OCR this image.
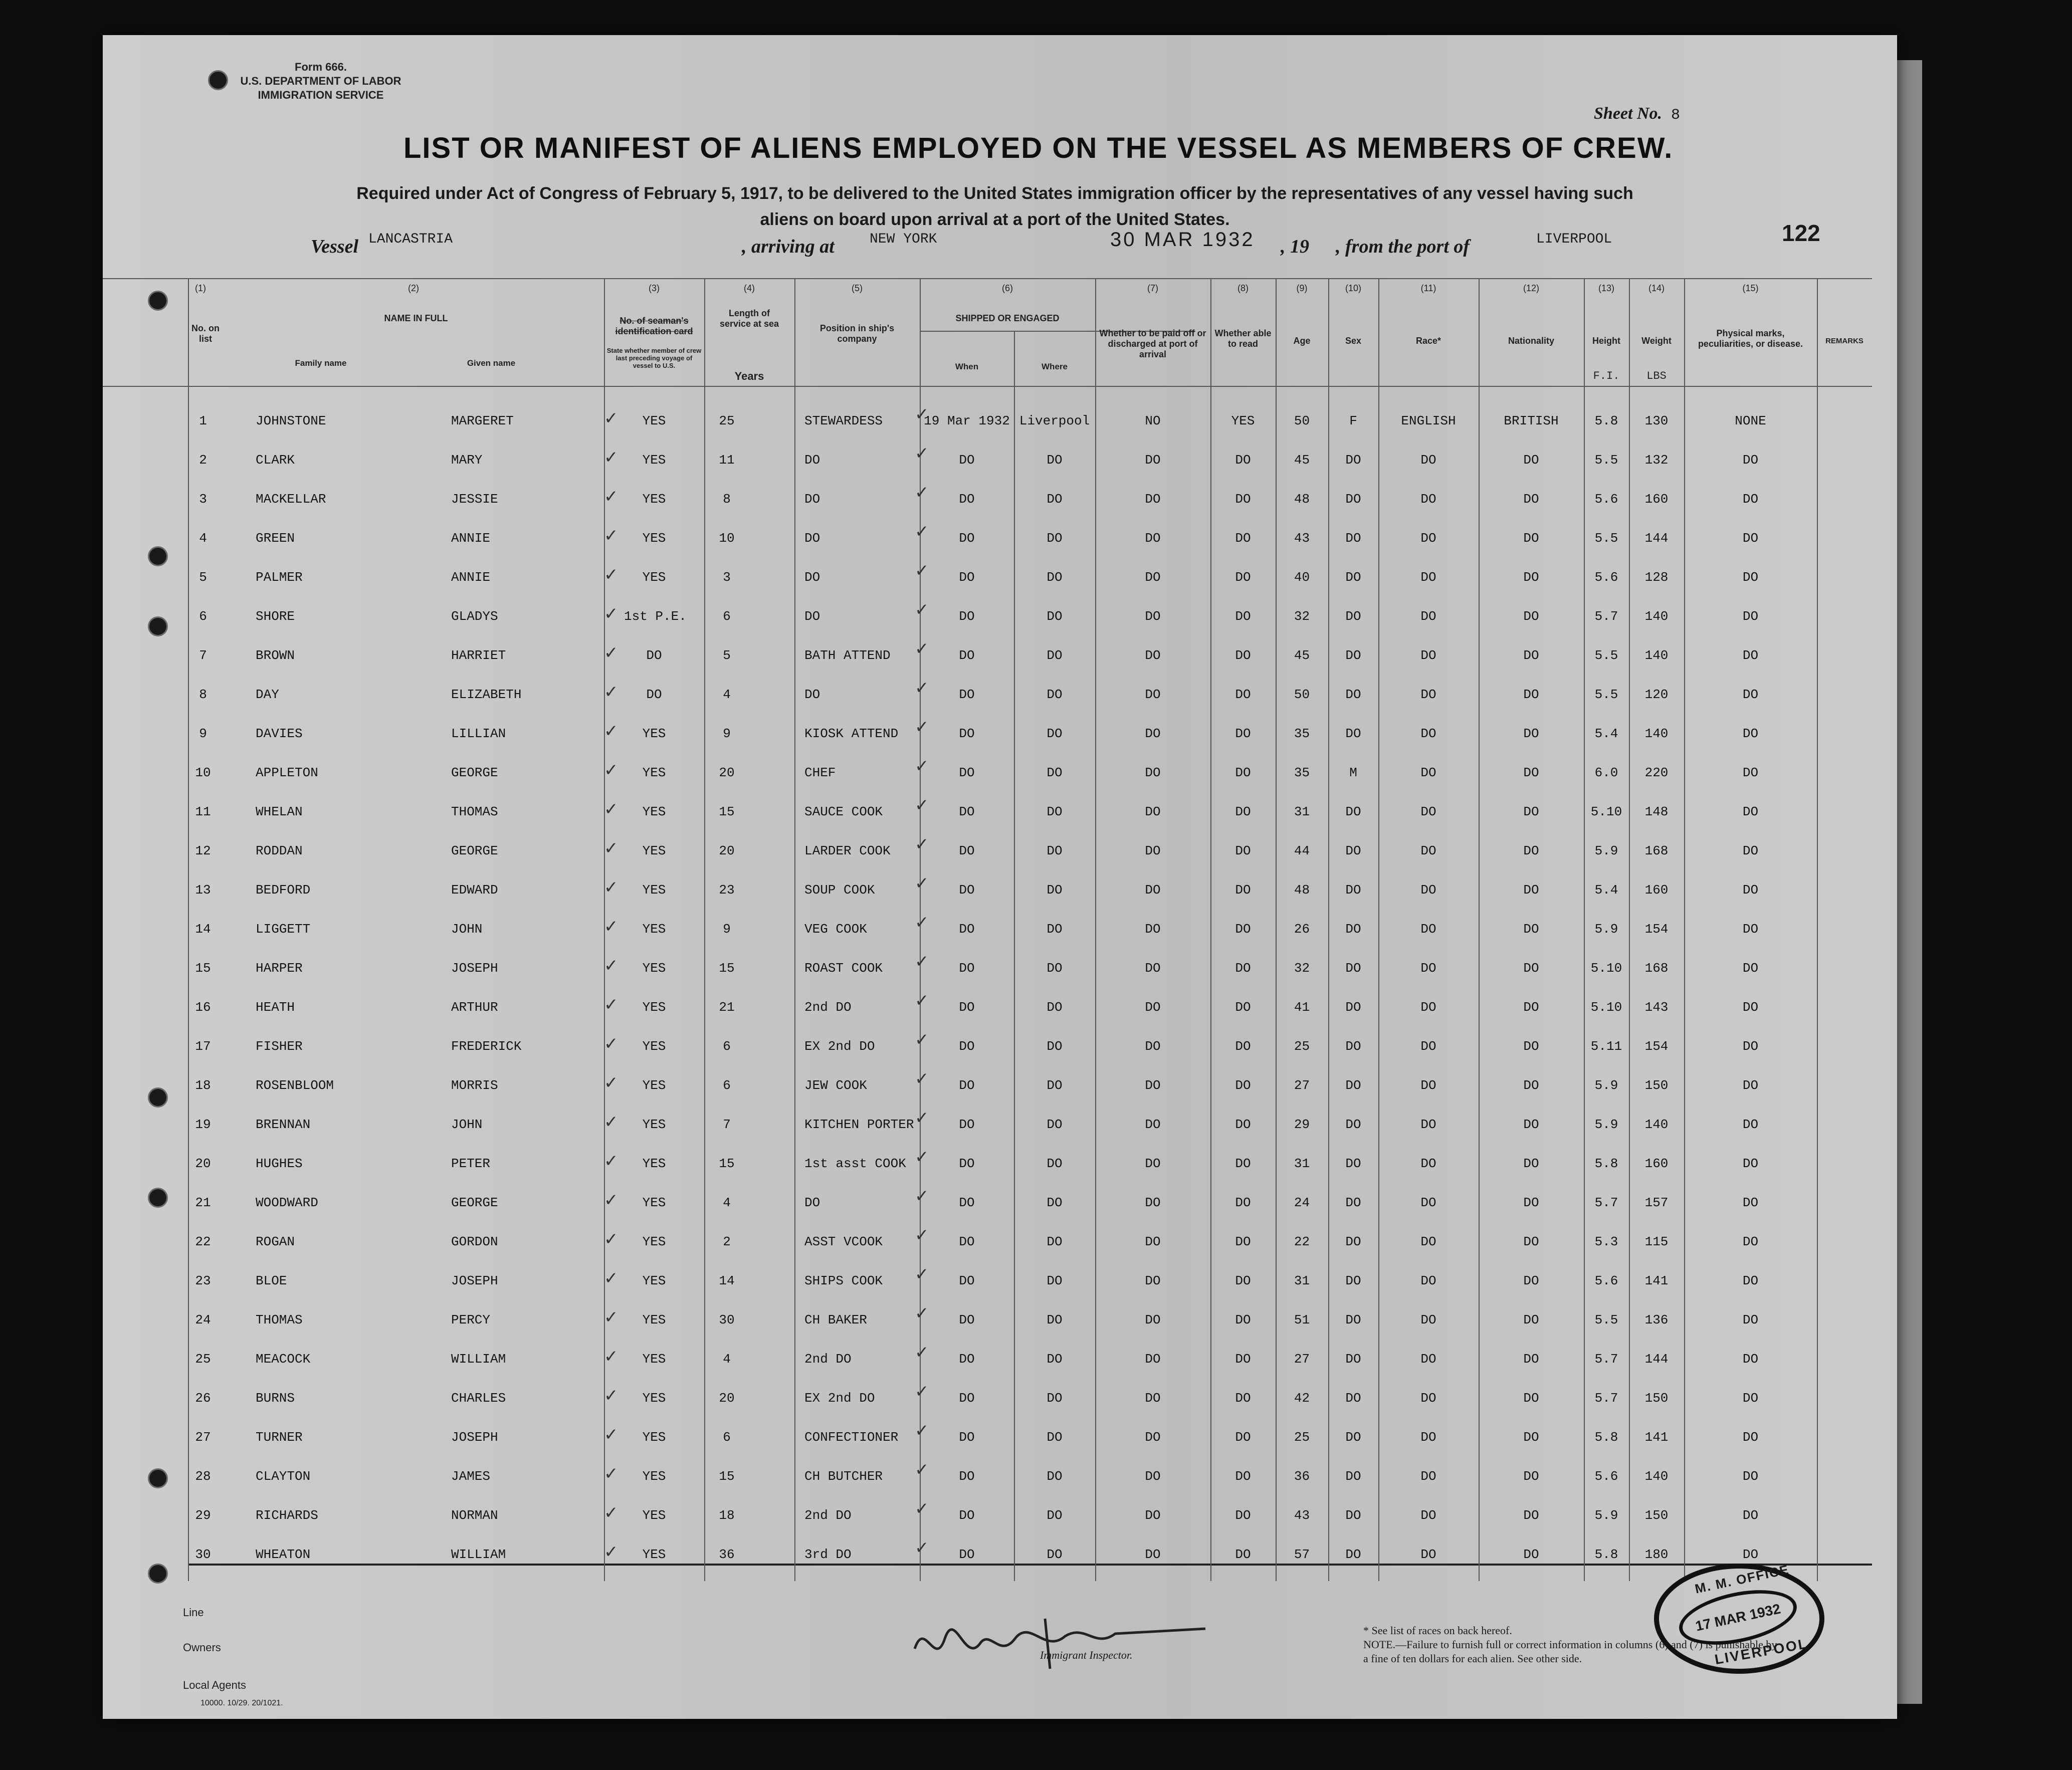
Form 666.
U.S. DEPARTMENT OF LABOR
IMMIGRATION SERVICE
Sheet No. 8
LIST OR MANIFEST OF ALIENS EMPLOYED ON THE VESSEL AS MEMBERS OF CREW.
Required under Act of Congress of February 5, 1917, to be delivered to the United States immigration officer by the representatives of any vessel having such
aliens on board upon arrival at a port of the United States.
Vessel LANCASTRIA	, arriving at	NEW YORK	30 MAR 1932 , 19 , from the port of	LIVERPOOL	122
(1)
No. on list
(2)
NAME IN FULL
Family name	Given name
(3)
No. of seaman's identification card
State whether member of crew last preceding voyage of vessel to U.S.
(4)
Length of service at sea
Years
(5)
Position in ship's company
(6)
SHIPPED OR ENGAGED
When	Where
(7)
Whether to be paid off or discharged at port of arrival
(8)
Whether able to read
(9)
Age
(10)
Sex
(11)
Race*
(12)
Nationality
(13)
Height
F.I.
(14)
Weight
LBS
(15)
Physical marks, peculiarities, or disease.	REMARKS
1	JOHNSTONE	MARGERET	YES	25	STEWARDESS	19 Mar 1932 Liverpool	NO	YES	50	F	ENGLISH	BRITISH	5.8	130	NONE
✓
✓
2	CLARK	MARY	YES	11	DO	DO	DO	DO	DO	45	DO	DO	DO	5.5	132	DO
✓
✓
3	MACKELLAR	JESSIE	YES	8	DO	DO	DO	DO	DO	48	DO	DO	DO	5.6	160	DO
✓
✓
4	GREEN	ANNIE	YES	10	DO	DO	DO	DO	DO	43	DO	DO	DO	5.5	144	DO
✓
✓
5	PALMER	ANNIE	YES	3	DO	DO	DO	DO	DO	40	DO	DO	DO	5.6	128	DO
✓
✓
6	SHORE	GLADYS	1st P.E.	6	DO	DO	DO	DO	DO	32	DO	DO	DO	5.7	140	DO
✓
✓
7	BROWN	HARRIET	DO	5	BATH ATTEND	DO	DO	DO	DO	45	DO	DO	DO	5.5	140	DO
✓
✓
8	DAY	ELIZABETH	DO	4	DO	DO	DO	DO	DO	50	DO	DO	DO	5.5	120	DO
✓
✓
9	DAVIES	LILLIAN	YES	9	KIOSK ATTEND	DO	DO	DO	DO	35	DO	DO	DO	5.4	140	DO
✓
✓
10	APPLETON	GEORGE	YES	20	CHEF	DO	DO	DO	DO	35	M	DO	DO	6.0	220	DO
✓
✓
11	WHELAN	THOMAS	YES	15	SAUCE COOK	DO	DO	DO	DO	31	DO	DO	DO	5.10	148	DO
✓
✓
12	RODDAN	GEORGE	YES	20	LARDER COOK	DO	DO	DO	DO	44	DO	DO	DO	5.9	168	DO
✓
✓
13	BEDFORD	EDWARD	YES	23	SOUP COOK	DO	DO	DO	DO	48	DO	DO	DO	5.4	160	DO
✓
✓
14	LIGGETT	JOHN	YES	9	VEG COOK	DO	DO	DO	DO	26	DO	DO	DO	5.9	154	DO
✓
✓
15	HARPER	JOSEPH	YES	15	ROAST COOK	DO	DO	DO	DO	32	DO	DO	DO	5.10	168	DO
✓
✓
16	HEATH	ARTHUR	YES	21	2nd DO	DO	DO	DO	DO	41	DO	DO	DO	5.10	143	DO
✓
✓
17	FISHER	FREDERICK	YES	6	EX 2nd DO	DO	DO	DO	DO	25	DO	DO	DO	5.11	154	DO
✓
✓
18	ROSENBLOOM	MORRIS	YES	6	JEW COOK	DO	DO	DO	DO	27	DO	DO	DO	5.9	150	DO
✓
✓
19	BRENNAN	JOHN	YES	7	KITCHEN PORTER	DO	DO	DO	DO	29	DO	DO	DO	5.9	140	DO
✓
✓
20	HUGHES	PETER	YES	15	1st asst COOK	DO	DO	DO	DO	31	DO	DO	DO	5.8	160	DO
✓
✓
21	WOODWARD	GEORGE	YES	4	DO	DO	DO	DO	DO	24	DO	DO	DO	5.7	157	DO
✓
✓
22	ROGAN	GORDON	YES	2	ASST VCOOK	DO	DO	DO	DO	22	DO	DO	DO	5.3	115	DO
✓
✓
23	BLOE	JOSEPH	YES	14	SHIPS COOK	DO	DO	DO	DO	31	DO	DO	DO	5.6	141	DO
✓
✓
24	THOMAS	PERCY	YES	30	CH BAKER	DO	DO	DO	DO	51	DO	DO	DO	5.5	136	DO
✓
✓
25	MEACOCK	WILLIAM	YES	4	2nd DO	DO	DO	DO	DO	27	DO	DO	DO	5.7	144	DO
✓
✓
26	BURNS	CHARLES	YES	20	EX 2nd DO	DO	DO	DO	DO	42	DO	DO	DO	5.7	150	DO
✓
✓
27	TURNER	JOSEPH	YES	6	CONFECTIONER	DO	DO	DO	DO	25	DO	DO	DO	5.8	141	DO
✓
✓
28	CLAYTON	JAMES	YES	15	CH BUTCHER	DO	DO	DO	DO	36	DO	DO	DO	5.6	140	DO
✓
✓
29	RICHARDS	NORMAN	YES	18	2nd DO	DO	DO	DO	DO	43	DO	DO	DO	5.9	150	DO
✓
✓
30	WHEATON	WILLIAM	YES	36	3rd DO	DO	DO	DO	DO	57	DO	DO	DO	5.8	180	DO
✓
✓
Line
Owners
Local Agents
10000. 10/29. 20/1021.
Immigrant Inspector.
* See list of races on back hereof.
NOTE.—Failure to furnish full or correct information in columns (6) and (7) is punishable by a fine of ten dollars for each alien. See other side.
M. M. OFFICE
17 MAR 1932
LIVERPOOL
